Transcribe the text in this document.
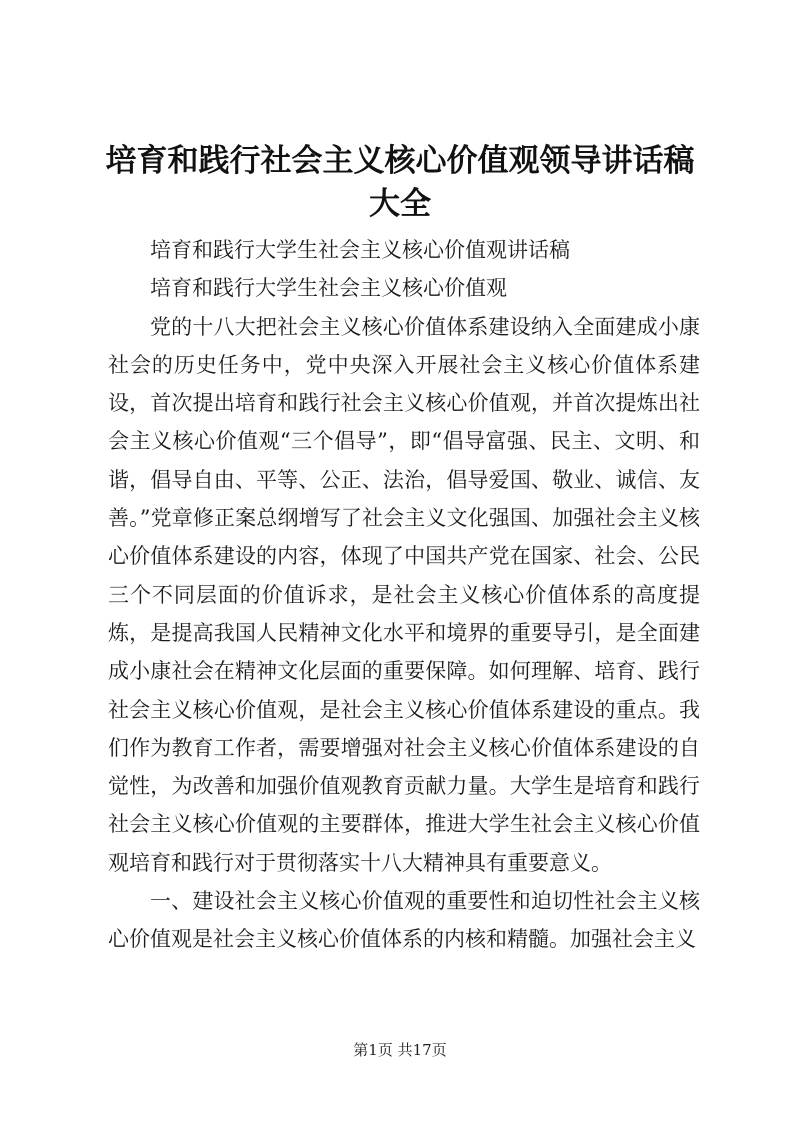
培育和践行社会主义核心价值观领导讲话稿大全

培育和践行大学生社会主义核心价值观讲话稿

培育和践行大学生社会主义核心价值观

党的十八大把社会主义核心价值体系建设纳入全面建成小康社会的历史任务中，党中央深入开展社会主义核心价值体系建设，首次提出培育和践行社会主义核心价值观，并首次提炼出社会主义核心价值观“三个倡导”，即“倡导富强、民主、文明、和谐，倡导自由、平等、公正、法治，倡导爱国、敬业、诚信、友善。”党章修正案总纲增写了社会主义文化强国、加强社会主义核心价值体系建设的内容，体现了中国共产党在国家、社会、公民三个不同层面的价值诉求，是社会主义核心价值体系的高度提炼，是提高我国人民精神文化水平和境界的重要导引，是全面建成小康社会在精神文化层面的重要保障。如何理解、培育、践行社会主义核心价值观，是社会主义核心价值体系建设的重点。我们作为教育工作者，需要增强对社会主义核心价值体系建设的自觉性，为改善和加强价值观教育贡献力量。大学生是培育和践行社会主义核心价值观的主要群体，推进大学生社会主义核心价值观培育和践行对于贯彻落实十八大精神具有重要意义。

一、建设社会主义核心价值观的重要性和迫切性社会主义核心价值观是社会主义核心价值体系的内核和精髓。加强社会主义

第1页 共17页
